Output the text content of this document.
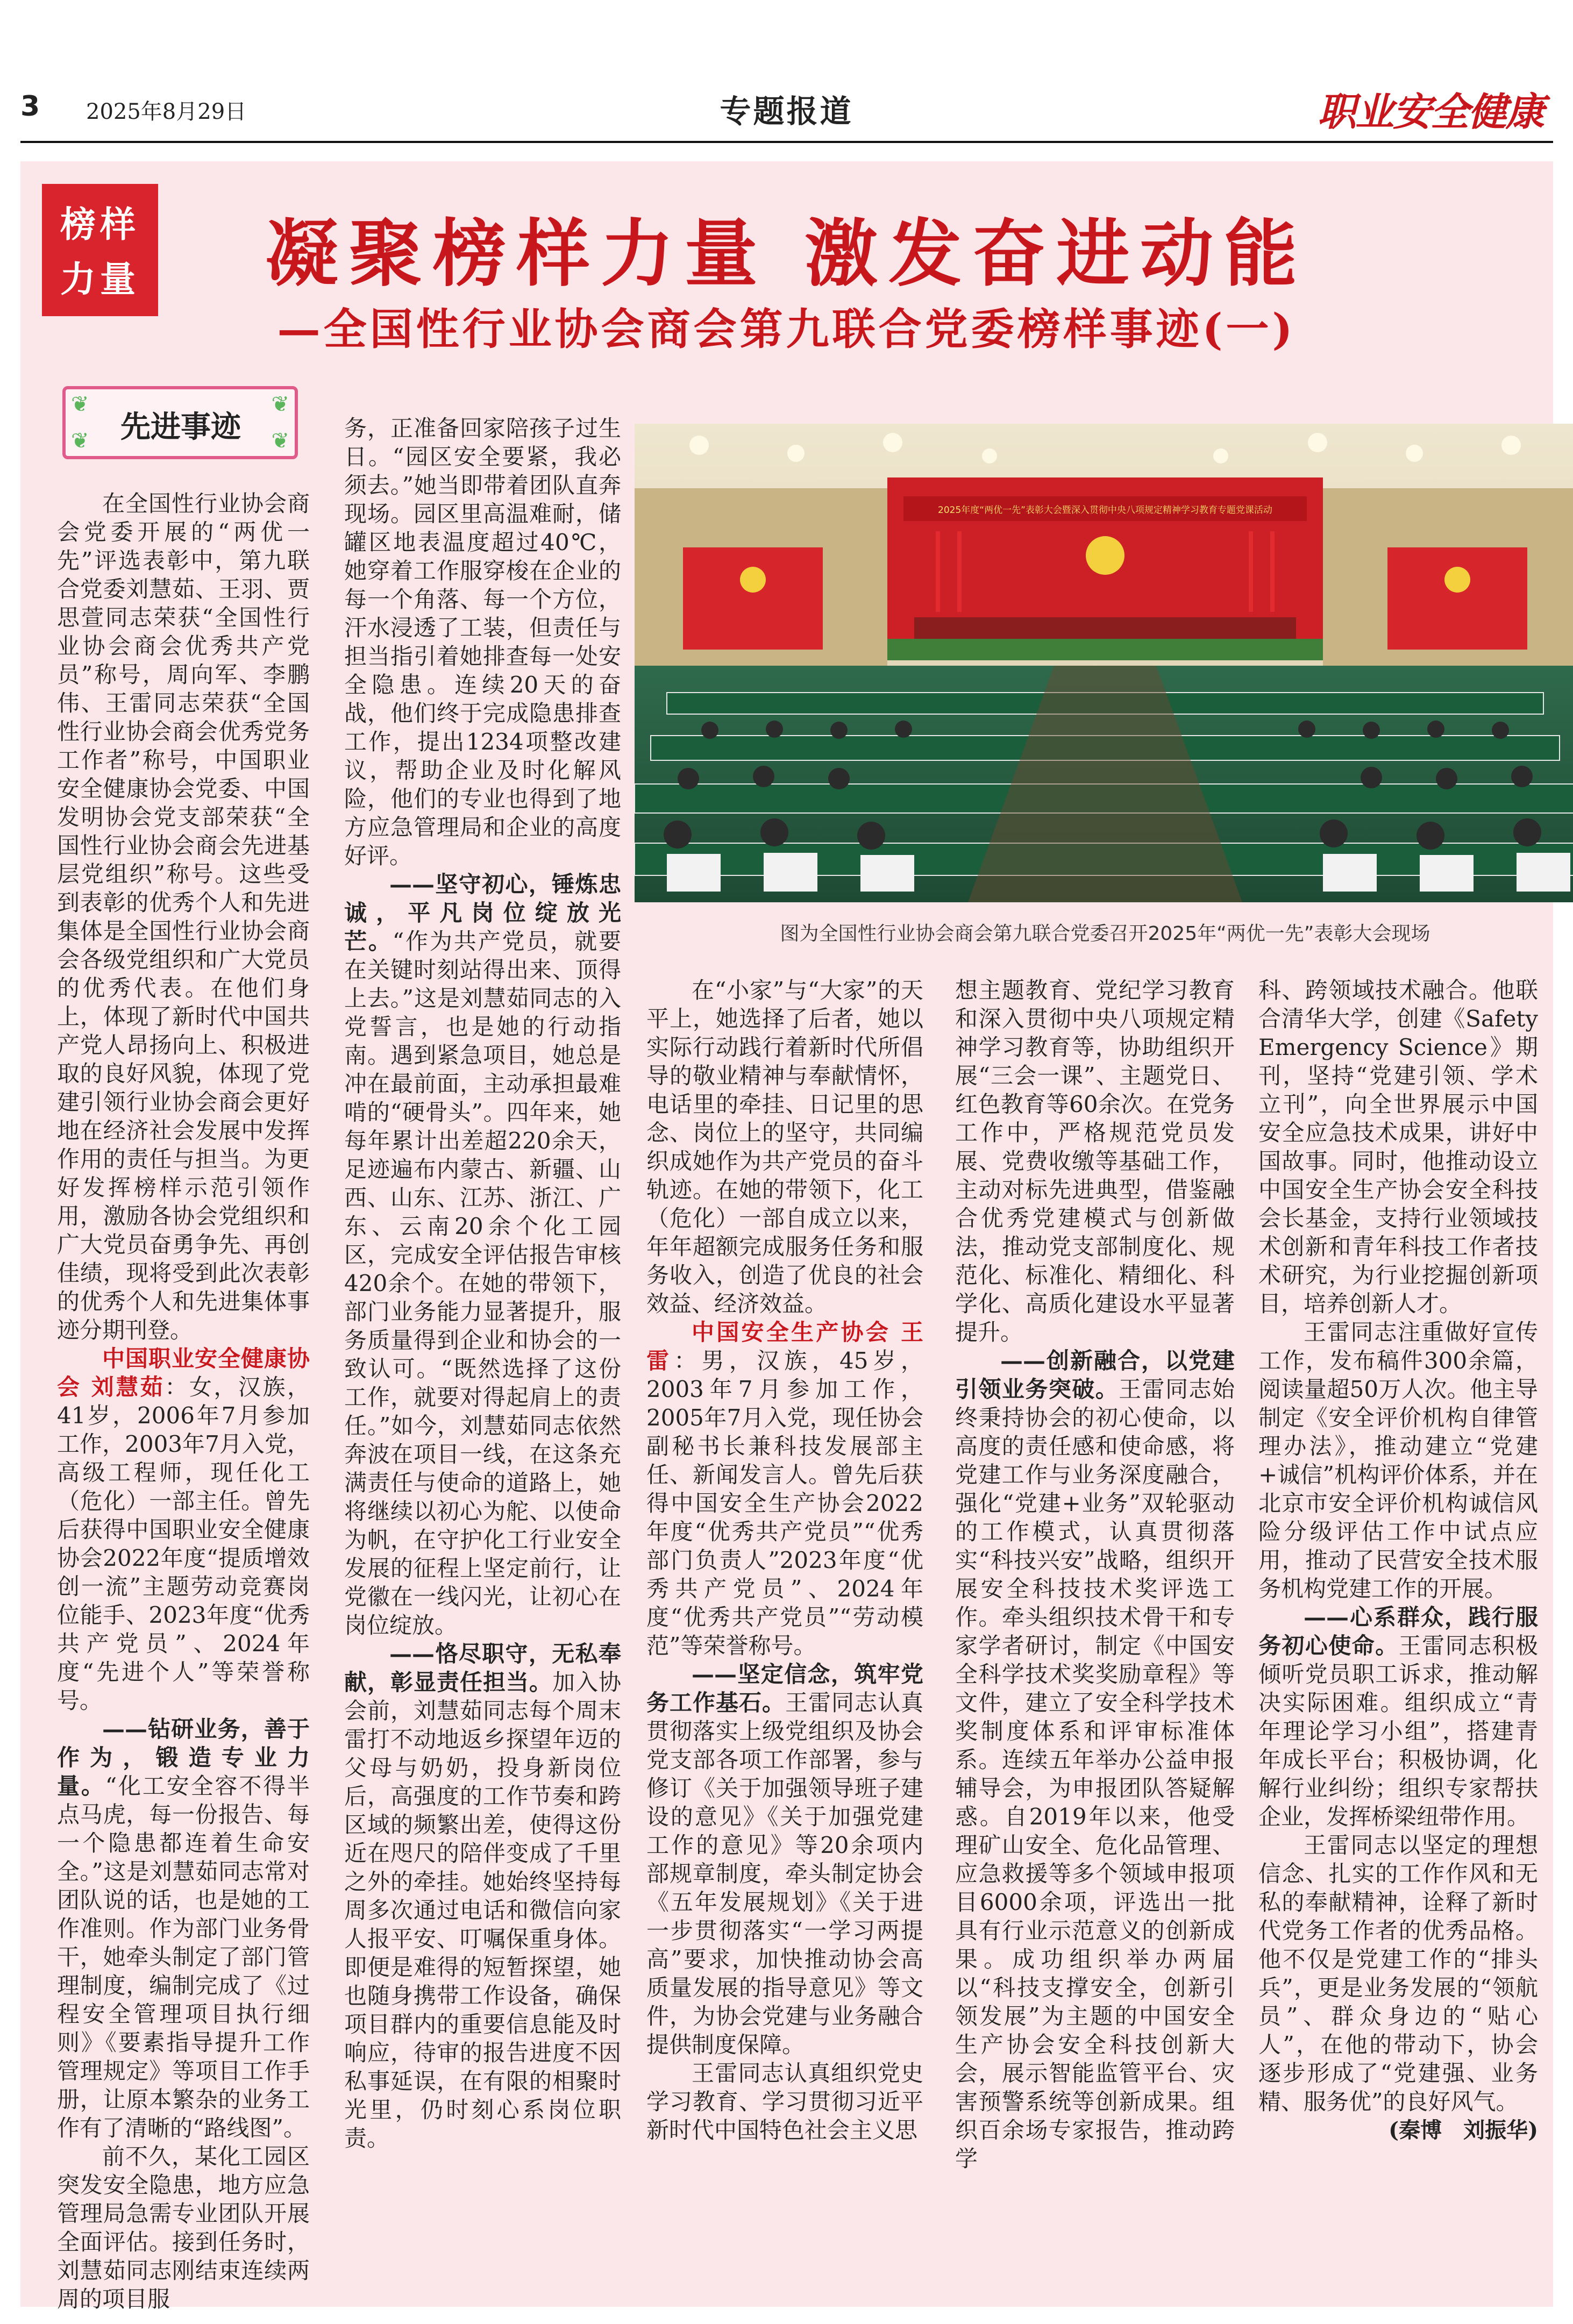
3 2025年8月29日	专题报道	职业安全健康
榜样
力量	凝聚榜样力量 激发奋进动能
—全国性行业协会商会第九联合党委榜样事迹(一)
❦	❦
❦	❦
先进事迹
2025年度“两优一先”表彰大会暨深入贯彻中央八项规定精神学习教育专题党课活动
图为全国性行业协会商会第九联合党委召开2025年“两优一先”表彰大会现场

在全国性行业协会商会党委开展的“两优一先”评选表彰中，第九联合党委刘慧茹、王羽、贾思萱同志荣获“全国性行业协会商会优秀共产党员”称号，周向军、李鹏伟、王雷同志荣获“全国性行业协会商会优秀党务工作者”称号，中国职业安全健康协会党委、中国发明协会党支部荣获“全国性行业协会商会先进基层党组织”称号。这些受到表彰的优秀个人和先进集体是全国性行业协会商会各级党组织和广大党员的优秀代表。在他们身上，体现了新时代中国共产党人昂扬向上、积极进取的良好风貌，体现了党建引领行业协会商会更好地在经济社会发展中发挥作用的责任与担当。为更好发挥榜样示范引领作用，激励各协会党组织和广大党员奋勇争先、再创佳绩，现将受到此次表彰的优秀个人和先进集体事迹分期刊登。

中国职业安全健康协会 刘慧茹：女，汉族，41岁，2006年7月参加工作，2003年7月入党，高级工程师，现任化工（危化）一部主任。曾先后获得中国职业安全健康协会2022年度“提质增效创一流”主题劳动竞赛岗位能手、2023年度“优秀共产党员”、2024年度“先进个人”等荣誉称号。

——钻研业务，善于作为，锻造专业力量。“化工安全容不得半点马虎，每一份报告、每一个隐患都连着生命安全。”这是刘慧茹同志常对团队说的话，也是她的工作准则。作为部门业务骨干，她牵头制定了部门管理制度，编制完成了《过程安全管理项目执行细则》《要素指导提升工作管理规定》等项目工作手册，让原本繁杂的业务工作有了清晰的“路线图”。

前不久，某化工园区突发安全隐患，地方应急管理局急需专业团队开展全面评估。接到任务时，刘慧茹同志刚结束连续两周的项目服

务，正准备回家陪孩子过生日。“园区安全要紧，我必须去。”她当即带着团队直奔现场。园区里高温难耐，储罐区地表温度超过40℃，她穿着工作服穿梭在企业的每一个角落、每一个方位，汗水浸透了工装，但责任与担当指引着她排查每一处安全隐患。连续20天的奋战，他们终于完成隐患排查工作，提出1234项整改建议，帮助企业及时化解风险，他们的专业也得到了地方应急管理局和企业的高度好评。

——坚守初心，锤炼忠诚，平凡岗位绽放光芒。“作为共产党员，就要在关键时刻站得出来、顶得上去。”这是刘慧茹同志的入党誓言，也是她的行动指南。遇到紧急项目，她总是冲在最前面，主动承担最难啃的“硬骨头”。四年来，她每年累计出差超220余天，足迹遍布内蒙古、新疆、山西、山东、江苏、浙江、广东、云南20余个化工园区，完成安全评估报告审核420余个。在她的带领下，部门业务能力显著提升，服务质量得到企业和协会的一致认可。“既然选择了这份工作，就要对得起肩上的责任。”如今，刘慧茹同志依然奔波在项目一线，在这条充满责任与使命的道路上，她将继续以初心为舵、以使命为帆，在守护化工行业安全发展的征程上坚定前行，让党徽在一线闪光，让初心在岗位绽放。

——恪尽职守，无私奉献，彰显责任担当。加入协会前，刘慧茹同志每个周末雷打不动地返乡探望年迈的父母与奶奶，投身新岗位后，高强度的工作节奏和跨区域的频繁出差，使得这份近在咫尺的陪伴变成了千里之外的牵挂。她始终坚持每周多次通过电话和微信向家人报平安、叮嘱保重身体。即便是难得的短暂探望，她也随身携带工作设备，确保项目群内的重要信息能及时响应，待审的报告进度不因私事延误，在有限的相聚时光里，仍时刻心系岗位职责。

在“小家”与“大家”的天平上，她选择了后者，她以实际行动践行着新时代所倡导的敬业精神与奉献情怀，电话里的牵挂、日记里的思念、岗位上的坚守，共同编织成她作为共产党员的奋斗轨迹。在她的带领下，化工（危化）一部自成立以来，年年超额完成服务任务和服务收入，创造了优良的社会效益、经济效益。

中国安全生产协会 王雷：男，汉族，45岁，2003年7月参加工作，2005年7月入党，现任协会副秘书长兼科技发展部主任、新闻发言人。曾先后获得中国安全生产协会2022年度“优秀共产党员”“优秀部门负责人”2023年度“优秀共产党员”、2024年度“优秀共产党员”“劳动模范”等荣誉称号。

——坚定信念，筑牢党务工作基石。王雷同志认真贯彻落实上级党组织及协会党支部各项工作部署，参与修订《关于加强领导班子建设的意见》《关于加强党建工作的意见》等20余项内部规章制度，牵头制定协会《五年发展规划》《关于进一步贯彻落实“一学习两提高”要求，加快推动协会高质量发展的指导意见》等文件，为协会党建与业务融合提供制度保障。

王雷同志认真组织党史学习教育、学习贯彻习近平新时代中国特色社会主义思

想主题教育、党纪学习教育和深入贯彻中央八项规定精神学习教育等，协助组织开展“三会一课”、主题党日、红色教育等60余次。在党务工作中，严格规范党员发展、党费收缴等基础工作，主动对标先进典型，借鉴融合优秀党建模式与创新做法，推动党支部制度化、规范化、标准化、精细化、科学化、高质化建设水平显著提升。

——创新融合，以党建引领业务突破。王雷同志始终秉持协会的初心使命，以高度的责任感和使命感，将党建工作与业务深度融合，强化“党建+业务”双轮驱动的工作模式，认真贯彻落实“科技兴安”战略，组织开展安全科技技术奖评选工作。牵头组织技术骨干和专家学者研讨，制定《中国安全科学技术奖奖励章程》等文件，建立了安全科学技术奖制度体系和评审标准体系。连续五年举办公益申报辅导会，为申报团队答疑解惑。自2019年以来，他受理矿山安全、危化品管理、应急救援等多个领域申报项目6000余项，评选出一批具有行业示范意义的创新成果。成功组织举办两届以“科技支撑安全，创新引领发展”为主题的中国安全生产协会安全科技创新大会，展示智能监管平台、灾害预警系统等创新成果。组织百余场专家报告，推动跨学

科、跨领域技术融合。他联合清华大学，创建《Safety Emergency Science》期刊，坚持“党建引领、学术立刊”，向全世界展示中国安全应急技术成果，讲好中国故事。同时，他推动设立中国安全生产协会安全科技会长基金，支持行业领域技术创新和青年科技工作者技术研究，为行业挖掘创新项目，培养创新人才。

王雷同志注重做好宣传工作，发布稿件300余篇，阅读量超50万人次。他主导制定《安全评价机构自律管理办法》，推动建立“党建+诚信”机构评价体系，并在北京市安全评价机构诚信风险分级评估工作中试点应用，推动了民营安全技术服务机构党建工作的开展。

——心系群众，践行服务初心使命。王雷同志积极倾听党员职工诉求，推动解决实际困难。组织成立“青年理论学习小组”，搭建青年成长平台；积极协调，化解行业纠纷；组织专家帮扶企业，发挥桥梁纽带作用。

王雷同志以坚定的理想信念、扎实的工作作风和无私的奉献精神，诠释了新时代党务工作者的优秀品格。他不仅是党建工作的“排头兵”，更是业务发展的“领航员”、群众身边的“贴心人”，在他的带动下，协会逐步形成了“党建强、业务精、服务优”的良好风气。

(秦博　刘振华)
